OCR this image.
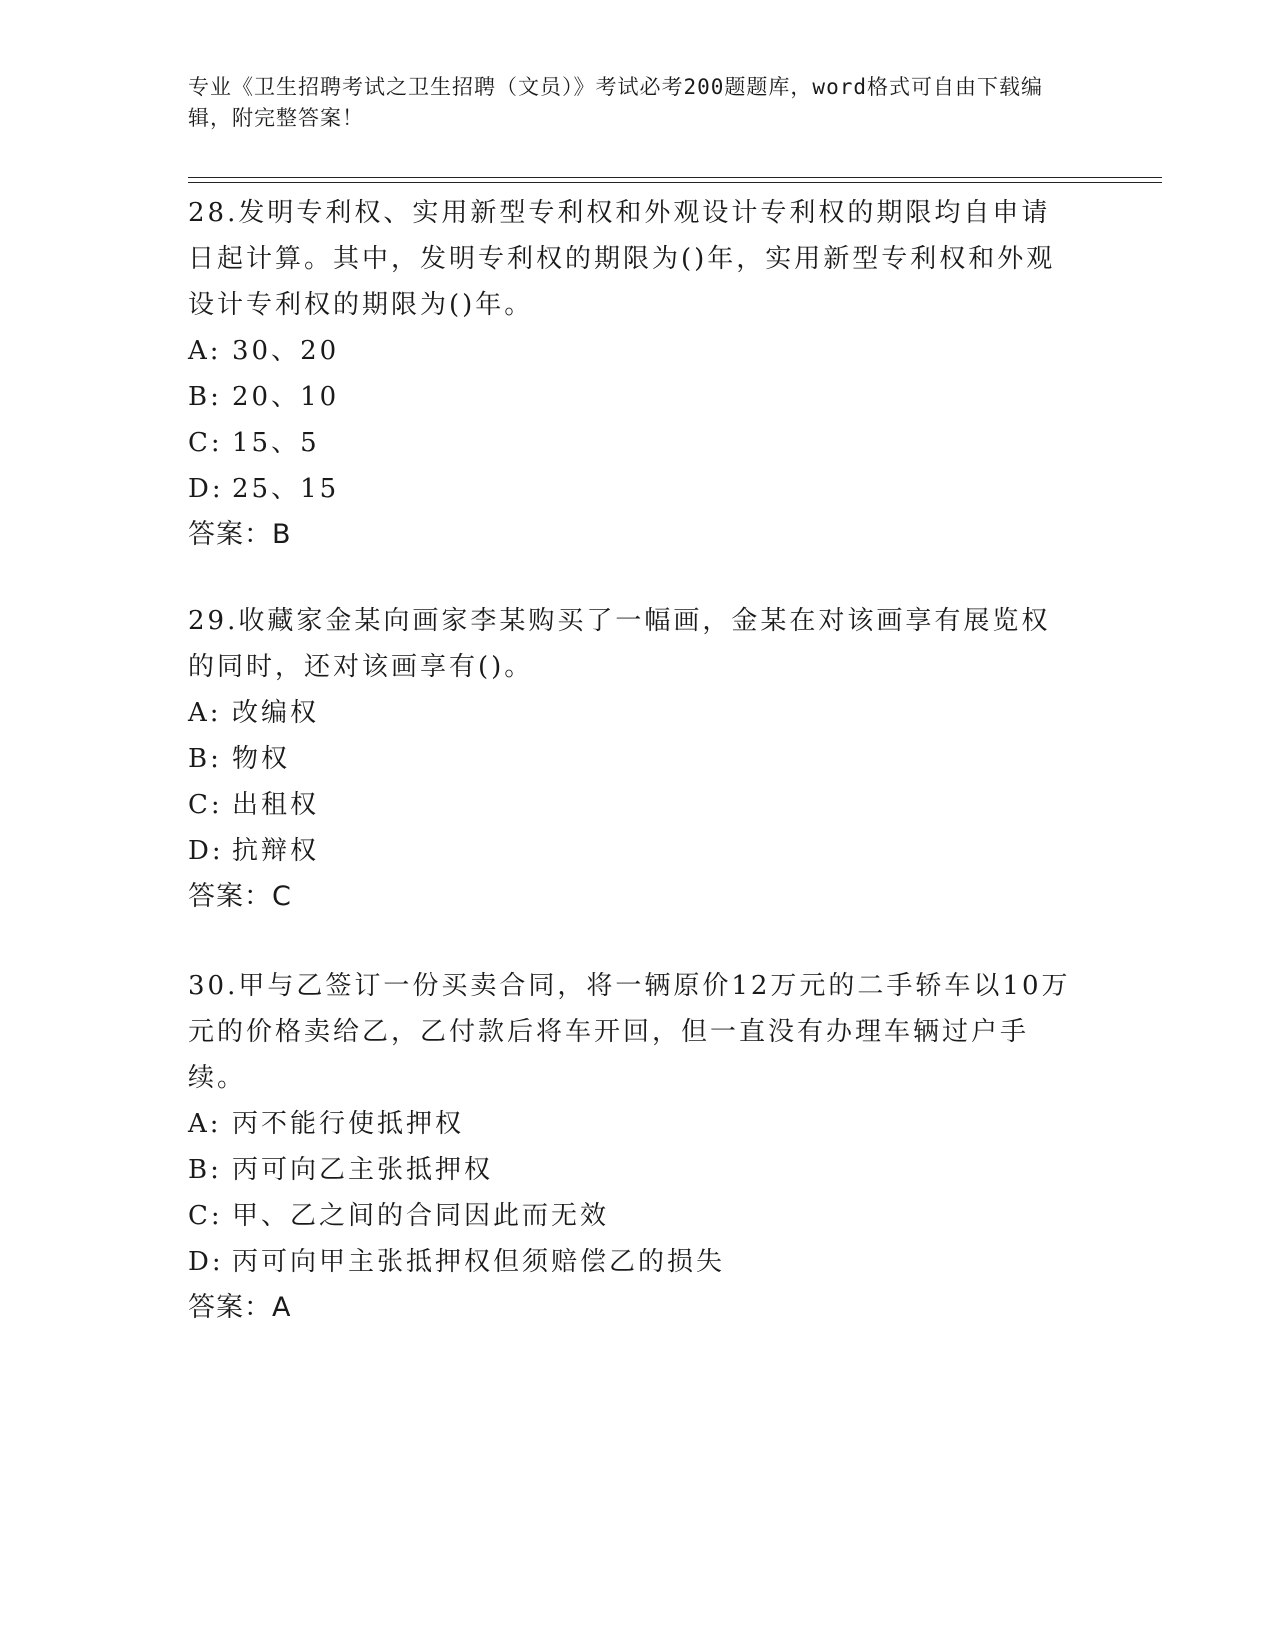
专业《卫生招聘考试之卫生招聘（文员）》考试必考200题题库，word格式可自由下载编辑，附完整答案！

28.发明专利权、实用新型专利权和外观设计专利权的期限均自申请日起计算。其中，发明专利权的期限为()年，实用新型专利权和外观设计专利权的期限为()年。

A: 30、20

B: 20、10

C: 15、5

D: 25、15

答案：B

29.收藏家金某向画家李某购买了一幅画，金某在对该画享有展览权的同时，还对该画享有()。

A: 改编权

B: 物权

C: 出租权

D: 抗辩权

答案：C

30.甲与乙签订一份买卖合同，将一辆原价12万元的二手轿车以10万元的价格卖给乙，乙付款后将车开回，但一直没有办理车辆过户手续。

A: 丙不能行使抵押权

B: 丙可向乙主张抵押权

C: 甲、乙之间的合同因此而无效

D: 丙可向甲主张抵押权但须赔偿乙的损失

答案：A
